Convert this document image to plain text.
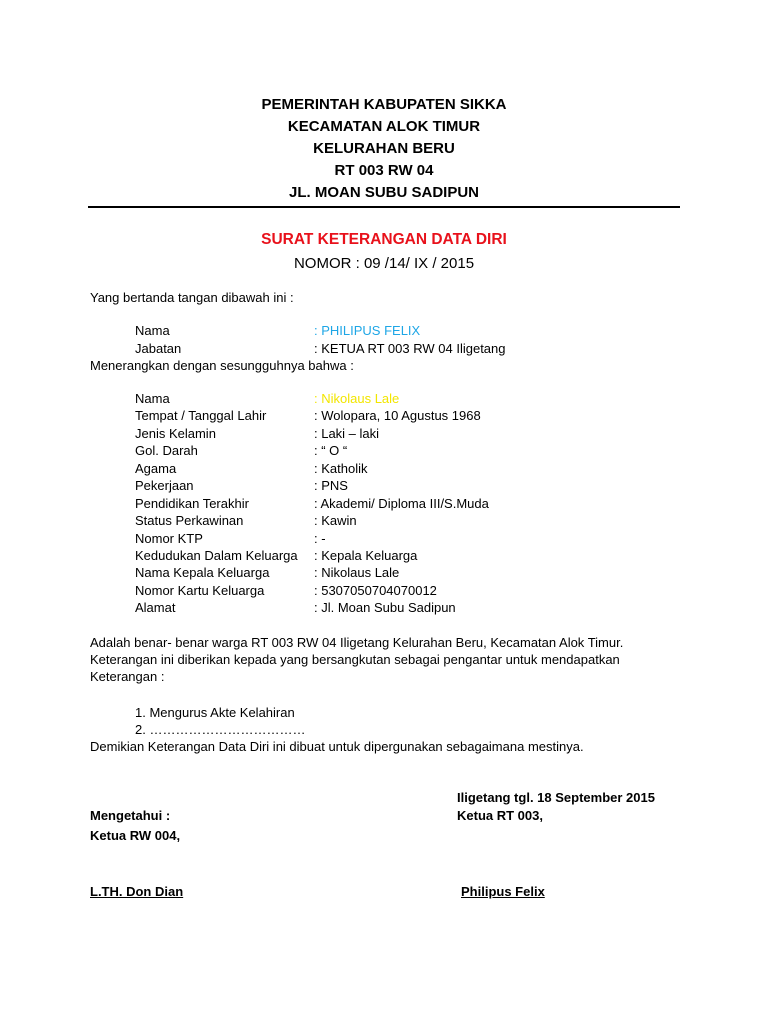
PEMERINTAH KABUPATEN SIKKA
KECAMATAN ALOK TIMUR
KELURAHAN BERU
RT 003 RW 04
JL. MOAN SUBU SADIPUN
SURAT KETERANGAN DATA DIRI
NOMOR : 09 /14/ IX / 2015
Yang bertanda tangan dibawah ini :
Nama	: PHILIPUS FELIX
Jabatan	: KETUA RT 003 RW 04 Iligetang
Menerangkan dengan sesungguhnya bahwa :
Nama	: Nikolaus Lale
Tempat / Tanggal Lahir	: Wolopara, 10 Agustus 1968
Jenis Kelamin	: Laki – laki
Gol. Darah	: “ O “
Agama	: Katholik
Pekerjaan	: PNS
Pendidikan Terakhir	: Akademi/ Diploma III/S.Muda
Status Perkawinan	: Kawin
Nomor KTP	: -
Kedudukan Dalam Keluarga : Kepala Keluarga
Nama Kepala Keluarga	: Nikolaus Lale
Nomor Kartu Keluarga	: 5307050704070012
Alamat	: Jl. Moan Subu Sadipun
Adalah benar- benar warga RT 003 RW 04 Iligetang Kelurahan Beru, Kecamatan Alok Timur.
Keterangan ini diberikan kepada yang bersangkutan sebagai pengantar untuk mendapatkan
Keterangan :
1. Mengurus Akte Kelahiran
2. ………………………………
Demikian Keterangan Data Diri ini dibuat untuk dipergunakan sebagaimana mestinya.
Iligetang tgl. 18 September 2015
Mengetahui :	Ketua RT 003,
Ketua RW 004,
L.TH. Don Dian	Philipus Felix
